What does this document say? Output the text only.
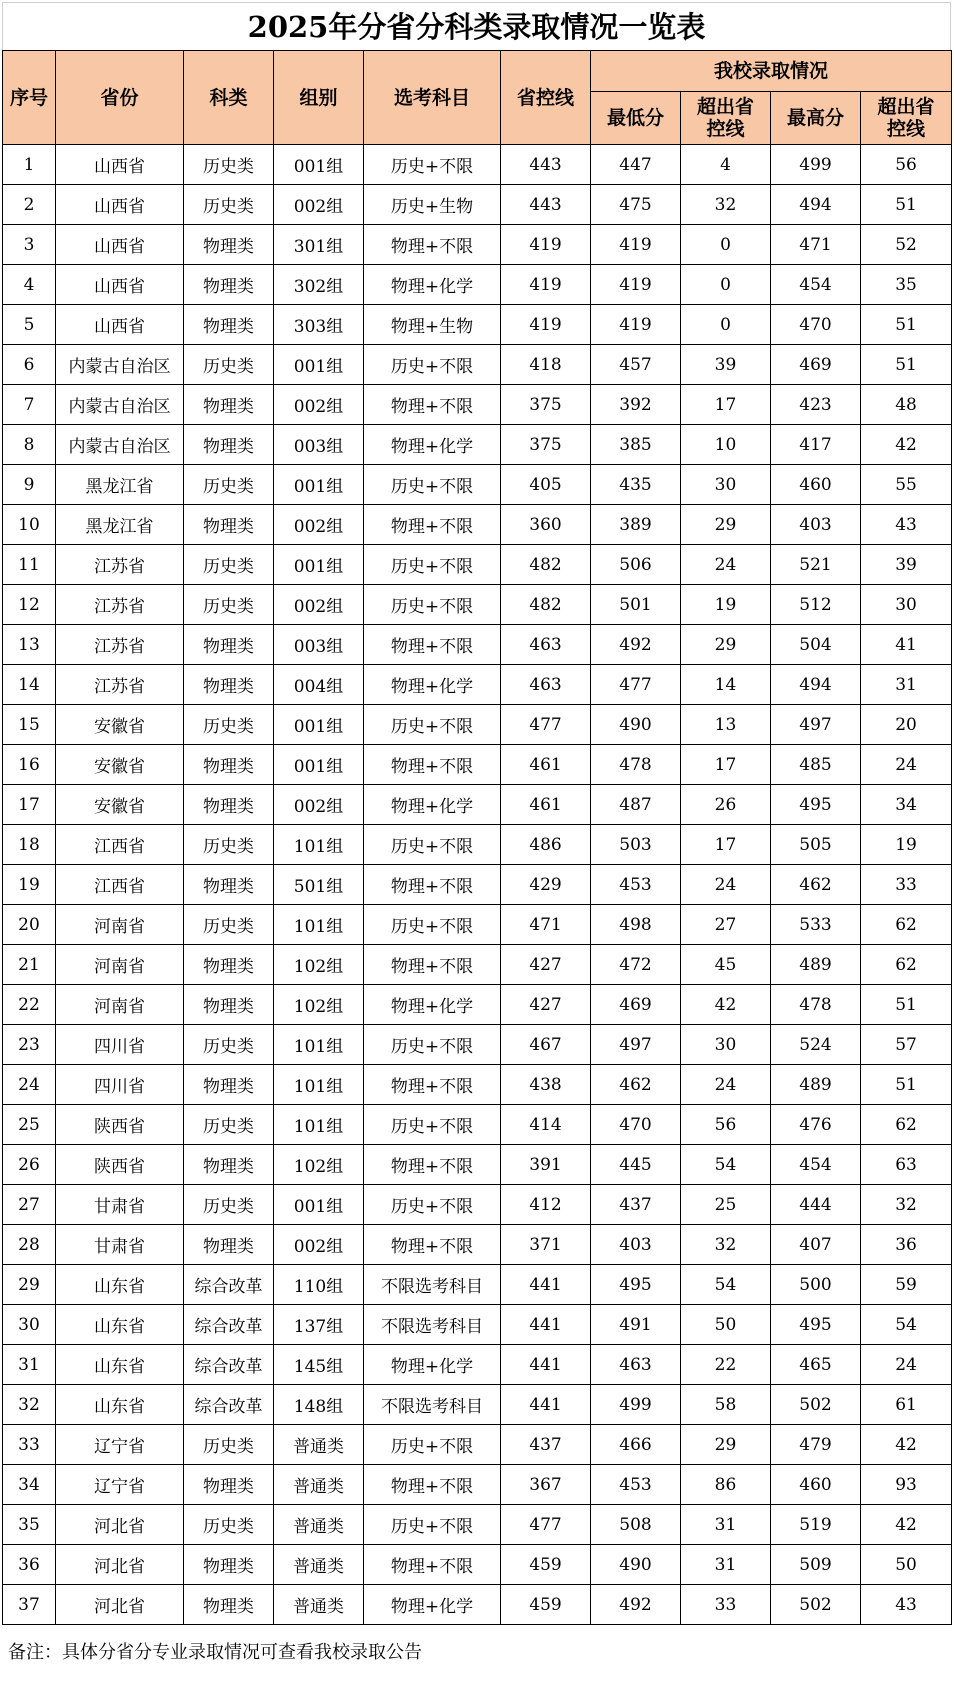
2025年分省分科类录取情况一览表
序号	省份	科类	组别	选考科目	省控线	我校录取情况			
						最低分	超出省控线	最高分	超出省控线
1	山西省	历史类	001组	历史+不限	443	447	4	499	56
2	山西省	历史类	002组	历史+生物	443	475	32	494	51
3	山西省	物理类	301组	物理+不限	419	419	0	471	52
4	山西省	物理类	302组	物理+化学	419	419	0	454	35
5	山西省	物理类	303组	物理+生物	419	419	0	470	51
6	内蒙古自治区	历史类	001组	历史+不限	418	457	39	469	51
7	内蒙古自治区	物理类	002组	物理+不限	375	392	17	423	48
8	内蒙古自治区	物理类	003组	物理+化学	375	385	10	417	42
9	黑龙江省	历史类	001组	历史+不限	405	435	30	460	55
10	黑龙江省	物理类	002组	物理+不限	360	389	29	403	43
11	江苏省	历史类	001组	历史+不限	482	506	24	521	39
12	江苏省	历史类	002组	历史+不限	482	501	19	512	30
13	江苏省	物理类	003组	物理+不限	463	492	29	504	41
14	江苏省	物理类	004组	物理+化学	463	477	14	494	31
15	安徽省	历史类	001组	历史+不限	477	490	13	497	20
16	安徽省	物理类	001组	物理+不限	461	478	17	485	24
17	安徽省	物理类	002组	物理+化学	461	487	26	495	34
18	江西省	历史类	101组	历史+不限	486	503	17	505	19
19	江西省	物理类	501组	物理+不限	429	453	24	462	33
20	河南省	历史类	101组	历史+不限	471	498	27	533	62
21	河南省	物理类	102组	物理+不限	427	472	45	489	62
22	河南省	物理类	102组	物理+化学	427	469	42	478	51
23	四川省	历史类	101组	历史+不限	467	497	30	524	57
24	四川省	物理类	101组	物理+不限	438	462	24	489	51
25	陕西省	历史类	101组	历史+不限	414	470	56	476	62
26	陕西省	物理类	102组	物理+不限	391	445	54	454	63
27	甘肃省	历史类	001组	历史+不限	412	437	25	444	32
28	甘肃省	物理类	002组	物理+不限	371	403	32	407	36
29	山东省	综合改革	110组	不限选考科目	441	495	54	500	59
30	山东省	综合改革	137组	不限选考科目	441	491	50	495	54
31	山东省	综合改革	145组	物理+化学	441	463	22	465	24
32	山东省	综合改革	148组	不限选考科目	441	499	58	502	61
33	辽宁省	历史类	普通类	历史+不限	437	466	29	479	42
34	辽宁省	物理类	普通类	物理+不限	367	453	86	460	93
35	河北省	历史类	普通类	历史+不限	477	508	31	519	42
36	河北省	物理类	普通类	物理+不限	459	490	31	509	50
37	河北省	物理类	普通类	物理+化学	459	492	33	502	43
备注：具体分省分专业录取情况可查看我校录取公告
